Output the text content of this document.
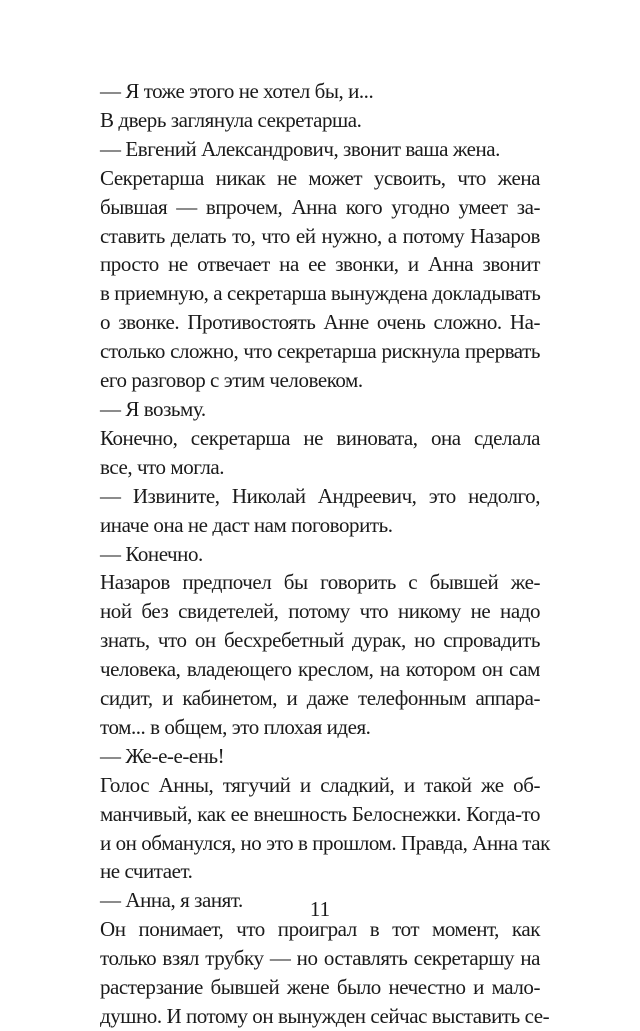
— Я тоже этого не хотел бы, и...
В дверь заглянула секретарша.
— Евгений Александрович, звонит ваша жена.
Секретарша никак не может усвоить, что жена
бывшая — впрочем, Анна кого угодно умеет за-
ставить делать то, что ей нужно, а потому Назаров
просто не отвечает на ее звонки, и Анна звонит
в приемную, а секретарша вынуждена докладывать
о звонке. Противостоять Анне очень сложно. На-
столько сложно, что секретарша рискнула прервать
его разговор с этим человеком.
— Я возьму.
Конечно, секретарша не виновата, она сделала
все, что могла.
— Извините, Николай Андреевич, это недолго,
иначе она не даст нам поговорить.
— Конечно.
Назаров предпочел бы говорить с бывшей же-
ной без свидетелей, потому что никому не надо
знать, что он бесхребетный дурак, но спровадить
человека, владеющего креслом, на котором он сам
сидит, и кабинетом, и даже телефонным аппара-
том... в общем, это плохая идея.
— Же-е-е-ень!
Голос Анны, тягучий и сладкий, и такой же об-
манчивый, как ее внешность Белоснежки. Когда-то
и он обманулся, но это в прошлом. Правда, Анна так
не считает.
— Анна, я занят.
Он понимает, что проиграл в тот момент, как
только взял трубку — но оставлять секретаршу на
растерзание бывшей жене было нечестно и мало-
душно. И потому он вынужден сейчас выставить се-
11
